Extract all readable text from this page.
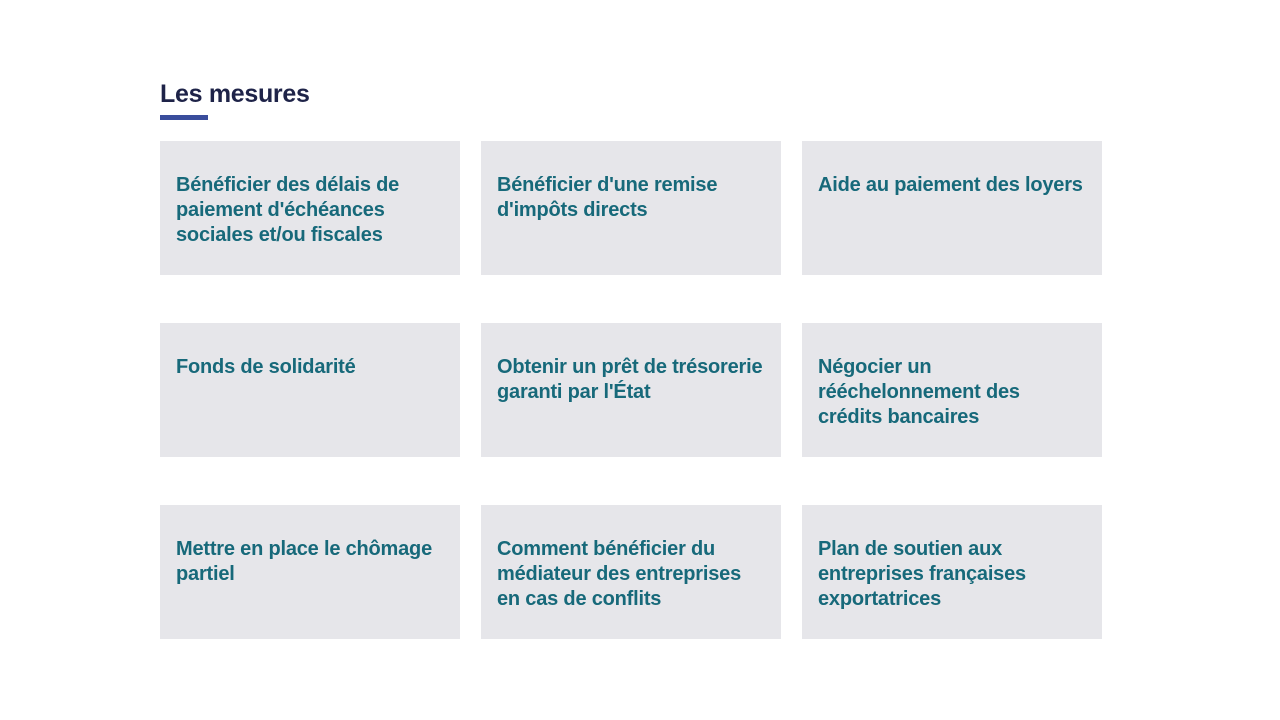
Les mesures
Bénéficier des délais de paiement d'échéances sociales et/ou fiscales
Bénéficier d'une remise d'impôts directs
Aide au paiement des loyers
Fonds de solidarité	Obtenir un prêt de trésorerie garanti par l'État
Négocier un rééchelonnement des crédits bancaires
Mettre en place le chômage partiel
Comment bénéficier du médiateur des entreprises en cas de conflits
Plan de soutien aux entreprises françaises exportatrices
